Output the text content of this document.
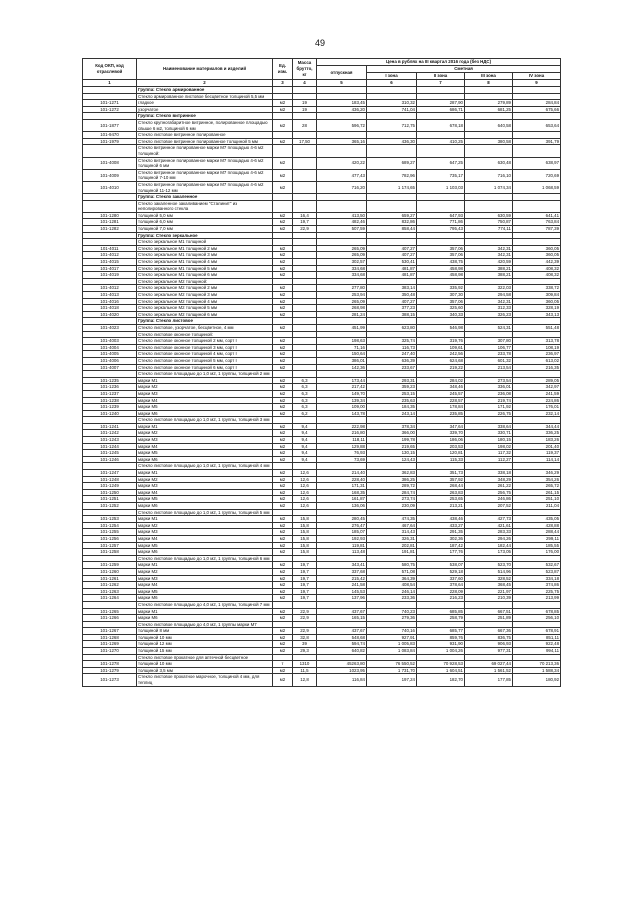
49
Код ОКП, код отраслевой	Наименование материалов и изделий	Ед. изм.	Масса брутто, кг	Цена в рублях на III квартал 2016 года (без НДС)				
				отпускная	Сметная			
					I зона	II зона	III зона	IV зона
1	2	3	4	5	6	7	8	9
	Группа: Стекло армированное							
	Стекло армированное листовое бесцветное толщиной 5,5 мм							
101-1271	гладкое	м2	19	183,45	310,32	287,90	279,89	284,84
101-1272	узорчатое	м2	19	436,20	741,04	686,71	681,25	675,66
	Группа: Стекло витринное							
101-1877	Стекло крупногабаритное витринное, полированное площадью свыше 6 м2, толщиной 6 мм	м2	28	596,72	712,75	678,18	640,58	653,64
101-9470	Стекло листовое витринное полированное							
101-1979	Стекло листовое витринное полированное толщиной 5 мм	м2	17,50	365,16	436,30	410,25	380,58	391,79
	Стекло витринное полированное марки М7 площадью 4-6 м2 толщиной:							
101-4008	Стекло витринное полированное марки М7 площадью 4-6 м2 толщиной 6 мм	м2		420,22	689,27	647,25	630,48	638,97
101-4009	Стекло витринное полированное марки М7 площадью 4-6 м2 толщиной 7-10 мм	м2		477,43	782,96	735,17	716,10	720,69
101-4010	Стекло витринное полированное марки М7 площадью 4-6 м2 толщиной 11-12 мм	м2		716,20	1 174,65	1 103,03	1 074,34	1 068,59
	Группа: Стекло закаленное							
	Стекло закаленное закаливанием "Сталинит" из неполированного стекла							
101-1280	толщиной 5,0 мм	м2	16,4	413,50	659,27	647,93	630,59	641,41
101-1281	толщиной 6,0 мм	м2	19,7	482,46	832,86	771,86	750,87	763,84
101-1282	толщиной 7,0 мм	м2	22,9	507,59	858,44	795,43	774,11	787,39
	Группа: Стекло зеркальное							
	Стекло зеркальное М1 толщиной							
101-4011	Стекло зеркальное М1 толщиной 2 мм	м2		265,09	407,27	357,06	342,31	360,05
101-4012	Стекло зеркальное М1 толщиной 3 мм	м2		265,09	407,27	357,06	342,31	360,05
101-4015	Стекло зеркальное М1 толщиной 4 мм	м2		302,57	530,41	438,75	420,59	442,39
101-4017	Стекло зеркальное М1 толщиной 5 мм	м2		334,68	481,87	458,98	388,21	408,32
101-4019	Стекло зеркальное М1 толщиной 6 мм	м2		334,68	481,87	458,98	388,21	408,32
	Стекло зеркальное М2 толщиной:							
101-4012	Стекло зеркальное М2 толщиной 2 мм	м2		277,80	383,14	335,92	322,03	338,72
101-4013	Стекло зеркальное М2 толщиной 3 мм	м2		253,94	350,48	307,30	294,58	309,84
101-4016	Стекло зеркальное М2 толщиной 4 мм	м2		265,09	407,27	357,06	342,31	360,05
101-4018	Стекло зеркальное М2 толщиной 5 мм	м2		268,98	377,23	325,60	312,33	328,19
101-4020	Стекло зеркальное М2 толщиной 6 мм	м2		281,24	388,15	340,33	326,23	343,13
	Группа: Стекло листовое							
101-4023	Стекло листовое, узорчатое, бесцветное, 4 мм	м2		451,99	623,80	546,98	524,31	551,48
	Стекло листовое оконное толщиной:							
101-4003	Стекло листовое оконное толщиной 2 мм, сорт I	м2		198,63	325,74	319,76	307,80	313,78
101-4004	Стекло листовое оконное толщиной 3 мм, сорт I	м2		71,16	116,73	109,61	106,77	108,19
101-4005	Стекло листовое оконное толщиной 4 мм, сорт I	м2		150,64	247,40	242,56	233,78	236,97
101-4006	Стекло листовое оконное толщиной 5 мм, сорт I	м2		386,01	636,39	624,68	601,32	613,02
101-4007	Стекло листовое оконное толщиной 6 мм, сорт I	м2		142,36	233,67	219,22	213,54	216,35
	Стекло листовое площадью до 1,0 м2, 1 группы, толщиной 2 мм							
101-1235	марки М1	м2	6,3	173,44	293,31	284,02	273,54	289,05
101-1236	марки М2	м2	6,3	217,42	359,23	348,46	336,01	342,97
101-1237	марки М3	м2	6,3	149,70	253,15	245,57	236,08	241,59
101-1238	марки М4	м2	6,3	139,34	235,63	228,57	219,74	224,86
101-1239	марки М5	м2	6,3	109,00	184,35	178,84	171,92	176,01
101-1240	марки М6	м2	6,2	143,78	243,14	235,85	226,75	232,14
	Стекло листовое площадью до 1,0 м2, 1 группы, толщиной 3 мм							
101-1241	марки М1	м2	9,4	222,98	378,34	347,64	338,64	344,44
101-1242	марки М2	м2	9,4	216,80	366,00	339,70	330,71	336,25
101-1243	марки М3	м2	9,4	118,11	199,78	186,06	180,15	183,26
101-1244	марки М4	м2	9,4	129,88	219,65	203,53	198,02	201,40
101-1245	марки М5	м2	9,4	76,93	130,15	120,81	117,32	119,37
101-1246	марки М6	м2	9,4	73,69	124,43	115,33	112,27	114,14
	Стекло листовое площадью до 1,0 м2, 1 группы, толщиной 4 мм							
101-1247	марки М1	м2	12,6	214,40	362,83	351,73	338,18	346,29
101-1248	марки М2	м2	12,6	228,40	386,25	357,92	348,29	354,26
101-1249	марки М3	м2	12,6	171,31	289,72	268,44	261,22	265,72
101-1250	марки М4	м2	12,6	168,35	284,74	263,83	256,75	261,15
101-1251	марки М5	м2	12,6	161,87	273,74	253,65	246,86	251,10
101-1252	марки М6	м2	12,6	136,06	230,09	213,21	207,52	211,04
	Стекло листовое площадью до 1,0 м2, 1 группы, толщиной 5 мм							
101-1253	марки М1	м2	15,8	280,45	474,35	438,46	427,73	435,05
101-1254	марки М2	м2	15,8	276,47	467,64	433,27	421,61	428,88
101-1255	марки М3	м2	15,8	185,07	314,43	291,35	283,33	288,44
101-1256	марки М4	м2	15,8	192,93	326,31	302,36	294,26	299,11
101-1257	марки М5	м2	15,8	119,81	202,81	187,42	182,44	185,55
101-1258	марки М6	м2	15,8	113,48	191,81	177,76	173,05	176,00
	Стекло листовое площадью до 1,0 м2, 1 группы, толщиной 6 мм							
101-1259	марки М1	м2	19,7	343,41	580,75	538,07	523,70	532,67
101-1260	марки М2	м2	19,7	337,68	571,08	529,18	514,96	523,87
101-1261	марки М3	м2	19,7	215,42	364,39	337,60	328,52	334,18
101-1262	марки М4	м2	19,7	241,58	408,54	378,64	368,45	374,86
101-1263	марки М5	м2	19,7	145,53	246,14	228,09	221,97	225,75
101-1264	марки М6	м2	19,7	137,96	233,36	216,23	210,39	213,99
	Стекло листовое площадью до 4,0 м2, 1 группы, толщиной 7 мм							
101-1265	марки М1	м2	22,9	437,67	740,23	685,85	667,51	678,85
101-1266	марки М6	м2	22,9	165,15	279,36	258,79	251,89	256,10
	Стекло листовое площадью до 4,0 м2, 1 группы марки М7							
101-1267	толщиной 8 мм	м2	22,9	437,67	740,16	685,77	667,36	678,91
101-1268	толщиной 10 мм	м2	32,8	548,68	927,91	859,76	836,75	851,11
101-1269	толщиной 12 мм	м2	39	594,74	1 005,83	931,90	906,93	922,48
101-1270	толщиной 15 мм	м2	29,3	640,82	1 083,84	1 004,26	977,31	994,11
	Стекло листовое прокатное для аптечной бесцветное							
101-1278	толщиной 10 мм	т	1310	45263,80	76 550,52	70 928,53	69 027,44	70 213,36
101-1279	толщиной 3,5 мм	м2	11,5	1023,95	1 731,70	1 604,51	1 561,52	1 588,34
101-1273	Стекло листовое прокатное марочное, толщиной 4 мм, для теплиц	м2	12,8	116,84	197,24	182,70	177,85	180,92
